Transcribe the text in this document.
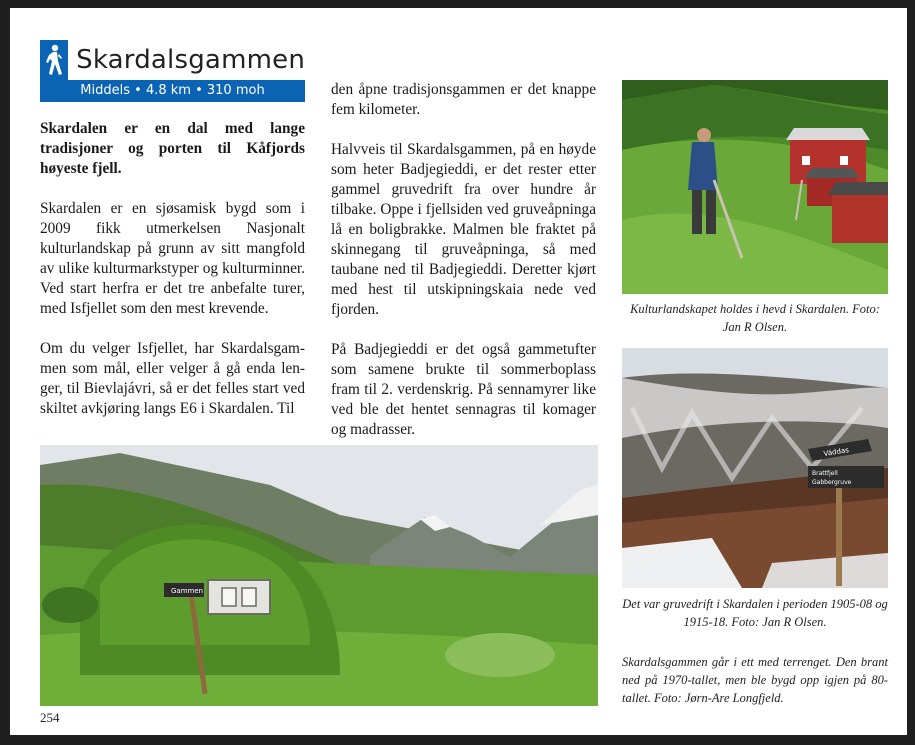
Skardalsgammen
Middels • 4.8 km • 310 moh

Skardalen er en dal med lange tradisjoner og porten til Kåfjords høyeste fjell.

Skardalen er en sjøsamisk bygd som i 2009 fikk utmerkelsen Nasjonalt kulturlandskap på grunn av sitt mangfold av ulike kulturmarkstyper og kulturminner. Ved start herfra er det tre anbefalte turer, med Isfjellet som den mest krevende.

Om du velger Isfjellet, har Skardalsgammen som mål, eller velger å gå enda lenger, til Bievlajávri, så er det felles start ved skiltet avkjøring langs E6 i Skardalen. Til

den åpne tradisjonsgammen er det knappe fem kilometer.

Halvveis til Skardalsgammen, på en høyde som heter Badjegieddi, er det rester etter gammel gruvedrift fra over hundre år tilbake. Oppe i fjellsiden ved gruveåpninga lå en boligbrakke. Malmen ble fraktet på skinnegang til gruveåpninga, så med taubane ned til Badjegieddi. Deretter kjørt med hest til utskipningskaia nede ved fjorden.

På Badjegieddi er det også gammetufter som samene brukte til sommerboplass fram til 2. verdenskrig. På sennamyrer like ved ble det hentet sennagras til komager og madrasser.

Kulturlandskapet holdes i hevd i Skardalen. Foto: Jan R Olsen.
Váddas
Brattfjell
Gabbergruve
Det var gruvedrift i Skardalen i perioden 1905-08 og 1915-18. Foto: Jan R Olsen.
Gammen
Skardalsgammen går i ett med terrenget. Den brant ned på 1970-tallet, men ble bygd opp igjen på 80-tallet. Foto: Jørn-Are Longfjeld.
254
